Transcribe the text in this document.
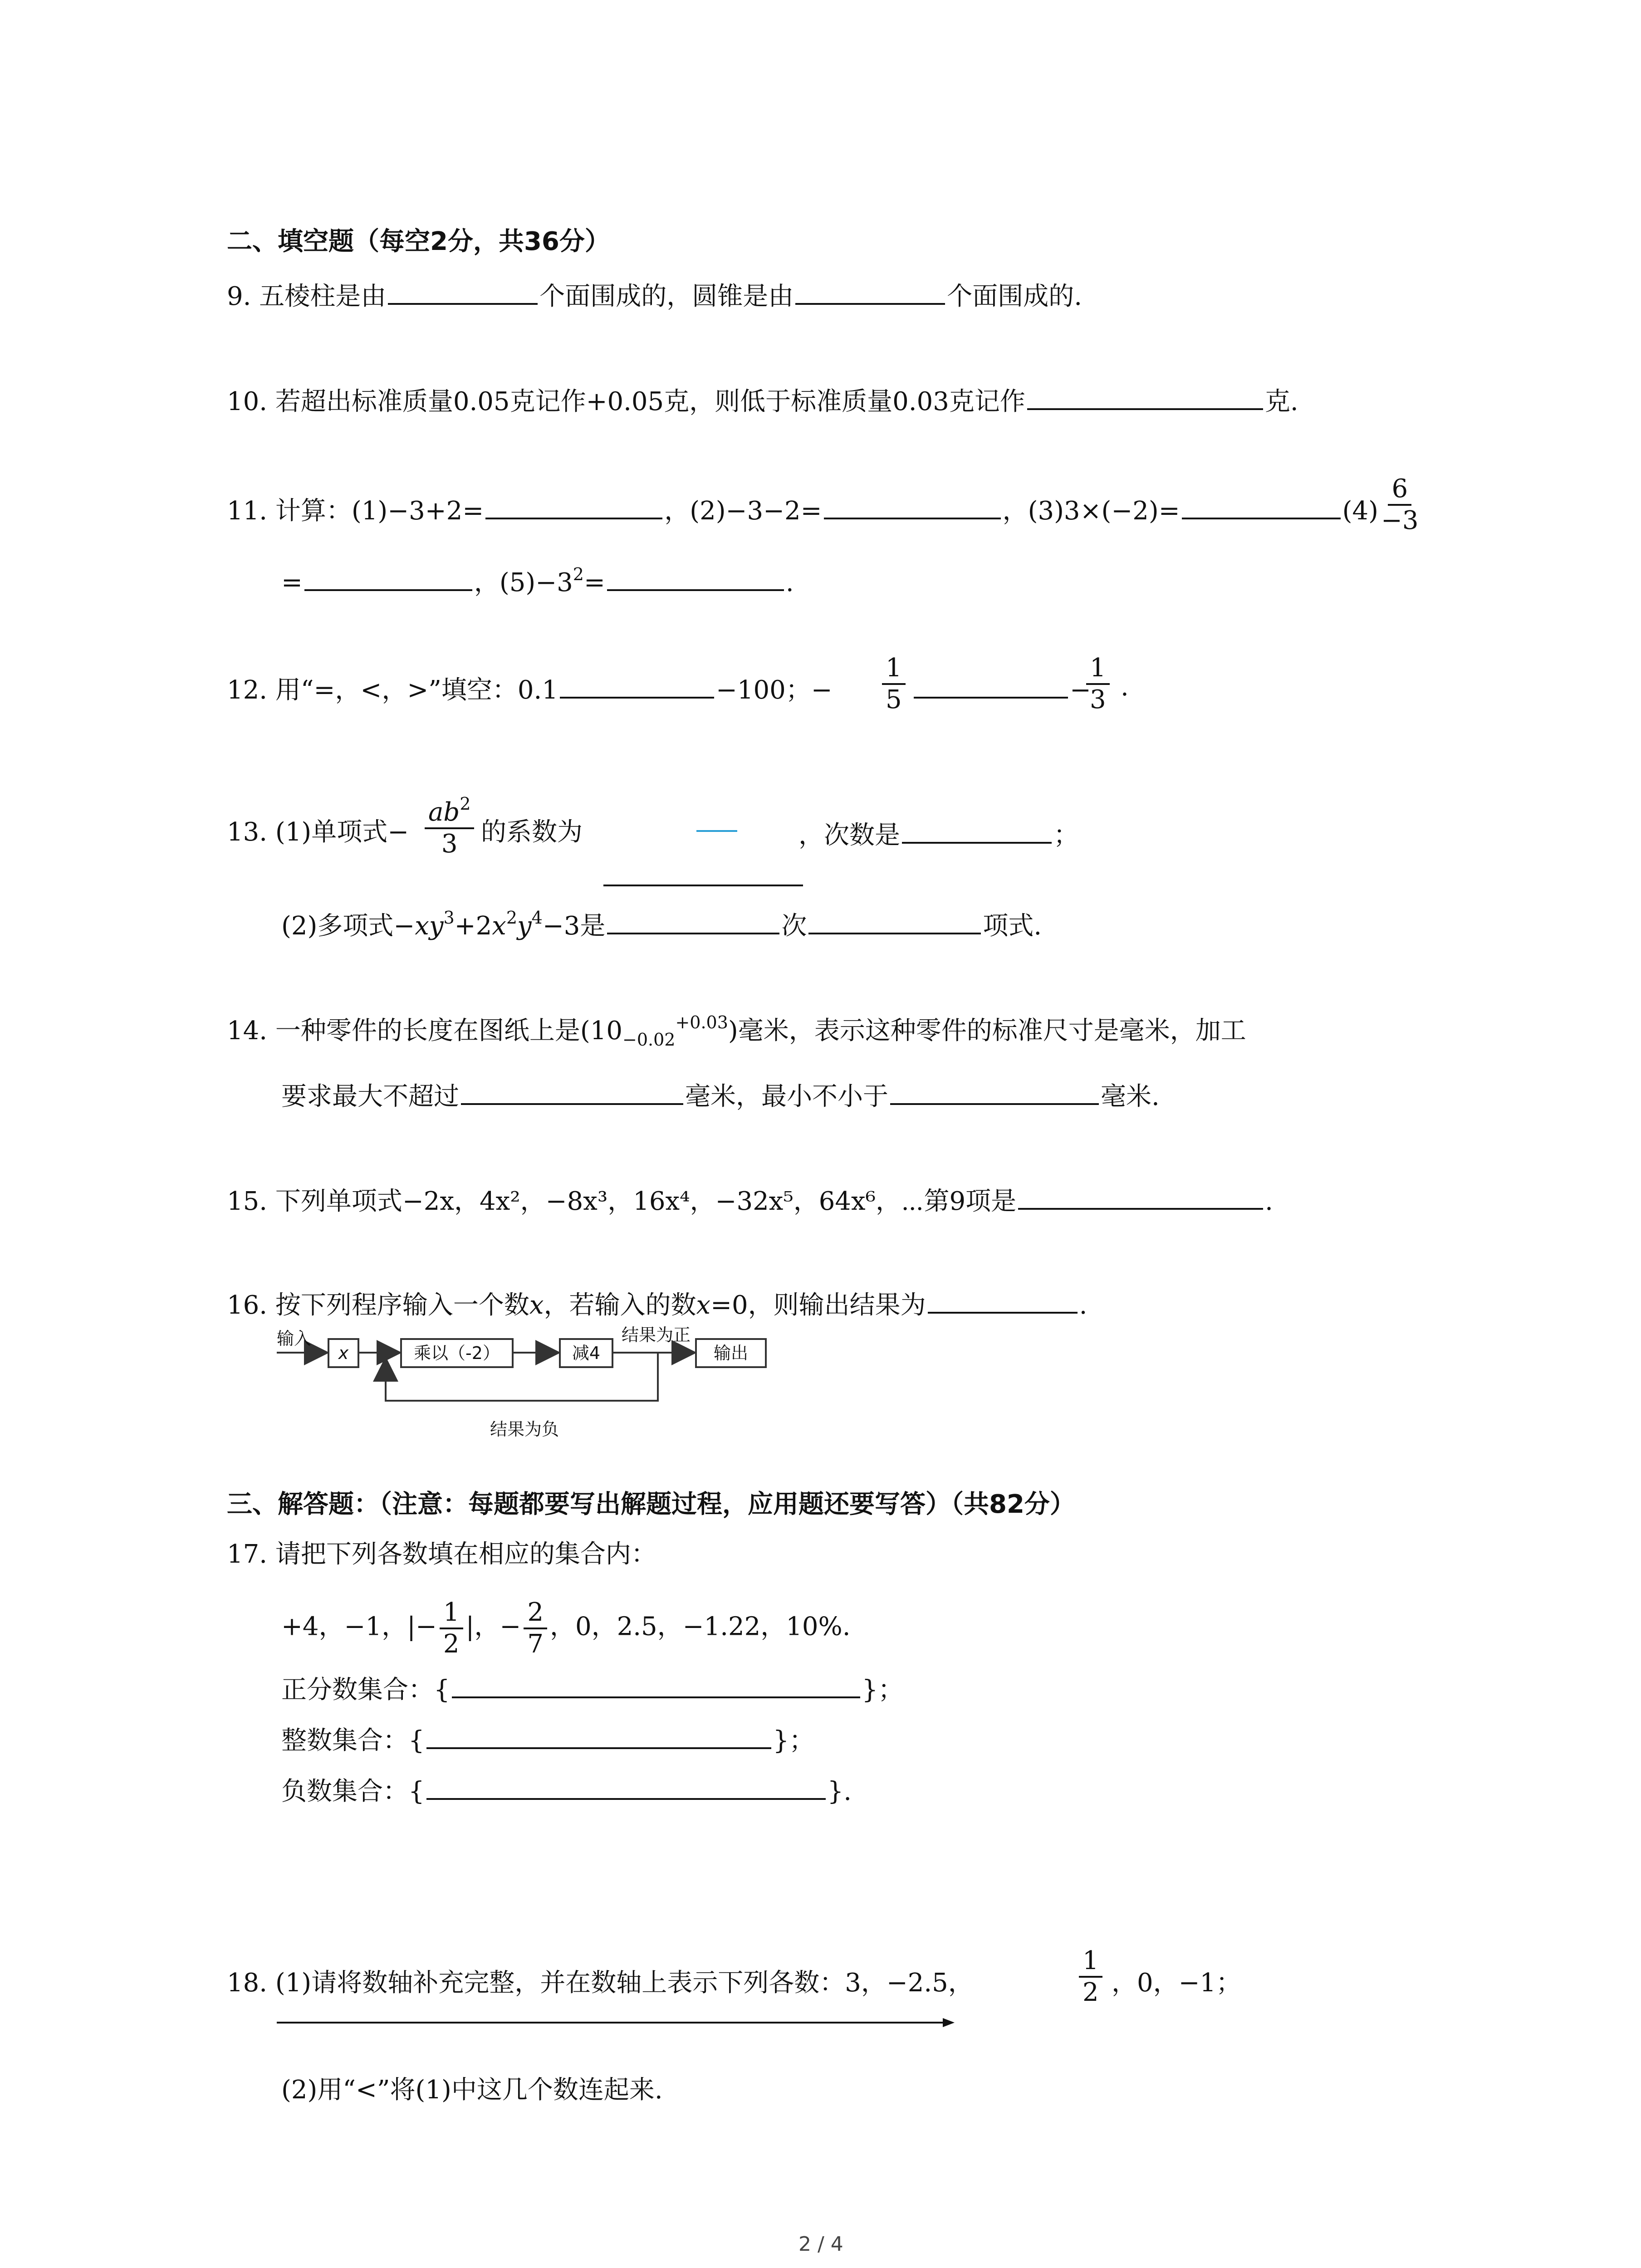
二、填空题（每空2分，共36分）
9. 五棱柱是由	个面围成的，圆锥是由	个面围成的.
10. 若超出标准质量0.05克记作+0.05克，则低于标准质量0.03克记作	克.
11. 计算：(1)−3+2=	，(2)−3−2=	，(3)3×(−2)=	(4)
$\frac{6}{-3}$
=	，$(5)-3^2=$	.
12. 用“=，<，>”填空：0.1	−100；− $\frac{1}{5}$	−
$\frac{1}{3}$ .
13. (1)单项式− $\frac{ab^2}{3}$ 的系数为	，次数是	；
(2)多项式$-xy^3+2x^2y^4-3$是	次	项式.
14. 一种零件的长度在图纸上是$(10_{-0.02}^{+0.03})$毫米，表示这种零件的标准尺寸是毫米，加工
要求最大不超过	毫米，最小不小于	毫米.
15. 下列单项式−2x，4x²，−8x³，16x⁴，−32x⁵，64x⁶，⋯第9项是	.
16. 按下列程序输入一个数x，若输入的数x=0，则输出结果为	.
输入
x	乘以（-2）	减4
结果为正
输出
结果为负
三、解答题：（注意：每题都要写出解题过程，应用题还要写答）（共82分）
17. 请把下列各数填在相应的集合内：
+4，−1，|− $\frac{1}{2}$ |，− $\frac{2}{7}$ ，0，2.5，−1.22，10%.
正分数集合：{	}；
整数集合：{	}；
负数集合：{	}.
18. (1)请将数轴补充完整，并在数轴上表示下列各数：3，−2.5，	$\frac{1}{2}$ ，0，−1；
(2)用“<”将(1)中这几个数连起来.
2 / 4
